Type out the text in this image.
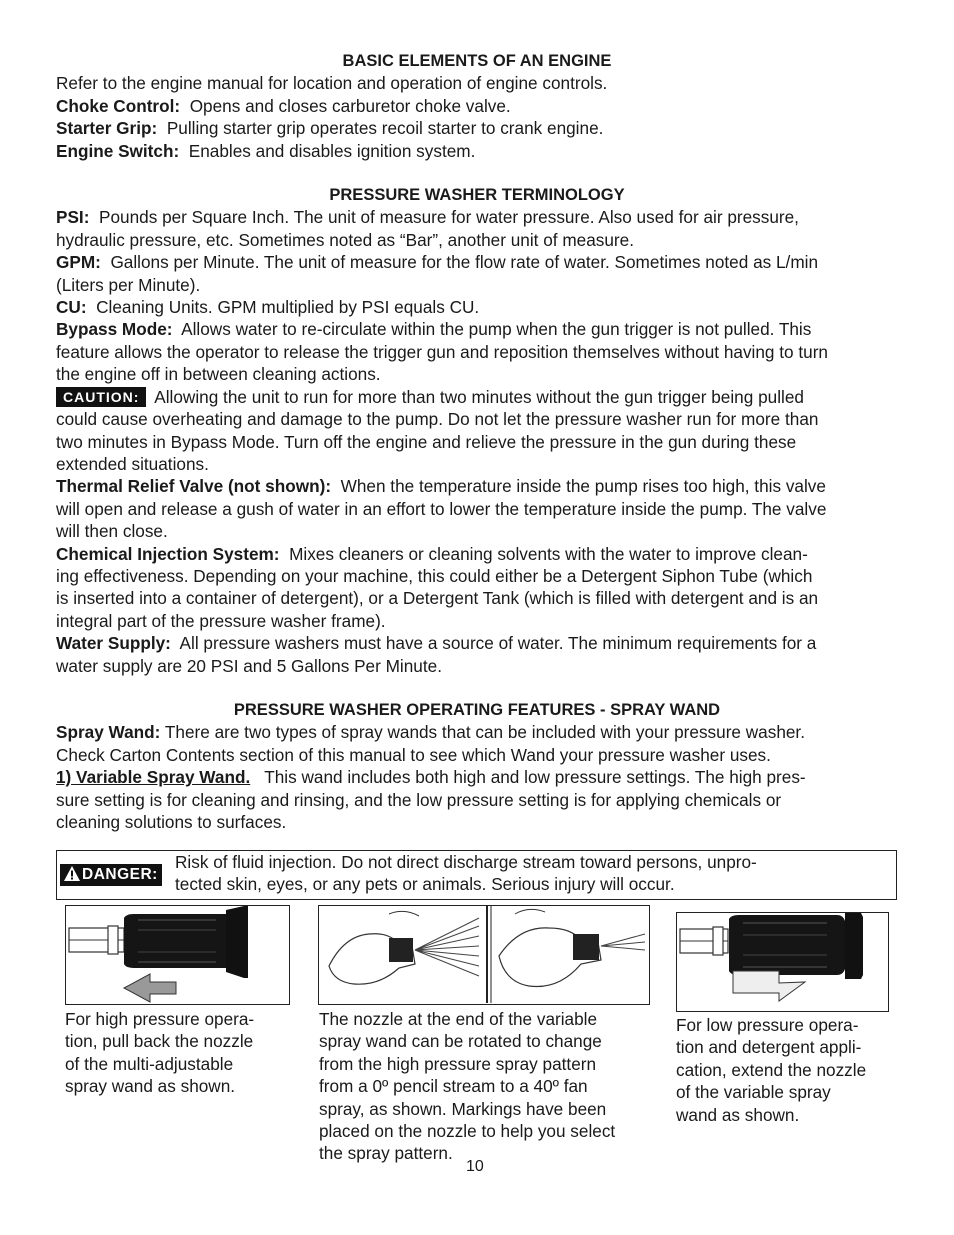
BASIC ELEMENTS OF AN ENGINE

Refer to the engine manual for location and operation of engine controls.

Choke Control: Opens and closes carburetor choke valve.

Starter Grip: Pulling starter grip operates recoil starter to crank engine.

Engine Switch: Enables and disables ignition system.

PRESSURE WASHER TERMINOLOGY

PSI: Pounds per Square Inch. The unit of measure for water pressure. Also used for air pressure,
hydraulic pressure, etc. Sometimes noted as “Bar”, another unit of measure.

GPM: Gallons per Minute. The unit of measure for the flow rate of water. Sometimes noted as L/min
(Liters per Minute).

CU: Cleaning Units. GPM multiplied by PSI equals CU.

Bypass Mode: Allows water to re-circulate within the pump when the gun trigger is not pulled. This
feature allows the operator to release the trigger gun and reposition themselves without having to turn
the engine off in between cleaning actions.

CAUTION: Allowing the unit to run for more than two minutes without the gun trigger being pulled
could cause overheating and damage to the pump. Do not let the pressure washer run for more than
two minutes in Bypass Mode. Turn off the engine and relieve the pressure in the gun during these
extended situations.

Thermal Relief Valve (not shown): When the temperature inside the pump rises too high, this valve
will open and release a gush of water in an effort to lower the temperature inside the pump. The valve
will then close.

Chemical Injection System: Mixes cleaners or cleaning solvents with the water to improve clean-
ing effectiveness. Depending on your machine, this could either be a Detergent Siphon Tube (which
is inserted into a container of detergent), or a Detergent Tank (which is filled with detergent and is an
integral part of the pressure washer frame).

Water Supply: All pressure washers must have a source of water. The minimum requirements for a
water supply are 20 PSI and 5 Gallons Per Minute.

PRESSURE WASHER OPERATING FEATURES - SPRAY WAND

Spray Wand: There are two types of spray wands that can be included with your pressure washer.
Check Carton Contents section of this manual to see which Wand your pressure washer uses.

1) Variable Spray Wand. This wand includes both high and low pressure settings. The high pres-
sure setting is for cleaning and rinsing, and the low pressure setting is for applying chemicals or
cleaning solutions to surfaces.

DANGER:
Risk of fluid injection. Do not direct discharge stream toward persons, unpro-
tected skin, eyes, or any pets or animals. Serious injury will occur.
For high pressure opera-
tion, pull back the nozzle
of the multi-adjustable
spray wand as shown.
The nozzle at the end of the variable
spray wand can be rotated to change
from the high pressure spray pattern
from a 0º pencil stream to a 40º fan
spray, as shown. Markings have been
placed on the nozzle to help you select
the spray pattern.
For low pressure opera-
tion and detergent appli-
cation, extend the nozzle
of the variable spray
wand as shown.
10
